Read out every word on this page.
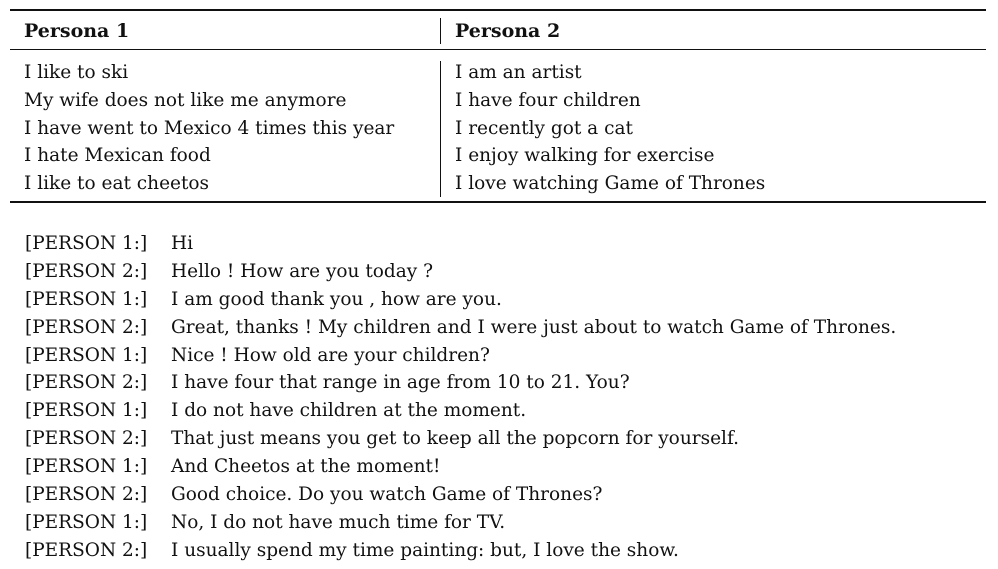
Persona 1	Persona 2
I like to ski
My wife does not like me anymore
I have went to Mexico 4 times this year
I hate Mexican food
I like to eat cheetos
I am an artist
I have four children
I recently got a cat
I enjoy walking for exercise
I love watching Game of Thrones
[PERSON 1:] Hi
[PERSON 2:] Hello ! How are you today ?
[PERSON 1:] I am good thank you , how are you.
[PERSON 2:] Great, thanks ! My children and I were just about to watch Game of Thrones.
[PERSON 1:] Nice ! How old are your children?
[PERSON 2:] I have four that range in age from 10 to 21. You?
[PERSON 1:] I do not have children at the moment.
[PERSON 2:] That just means you get to keep all the popcorn for yourself.
[PERSON 1:] And Cheetos at the moment!
[PERSON 2:] Good choice. Do you watch Game of Thrones?
[PERSON 1:] No, I do not have much time for TV.
[PERSON 2:] I usually spend my time painting: but, I love the show.
